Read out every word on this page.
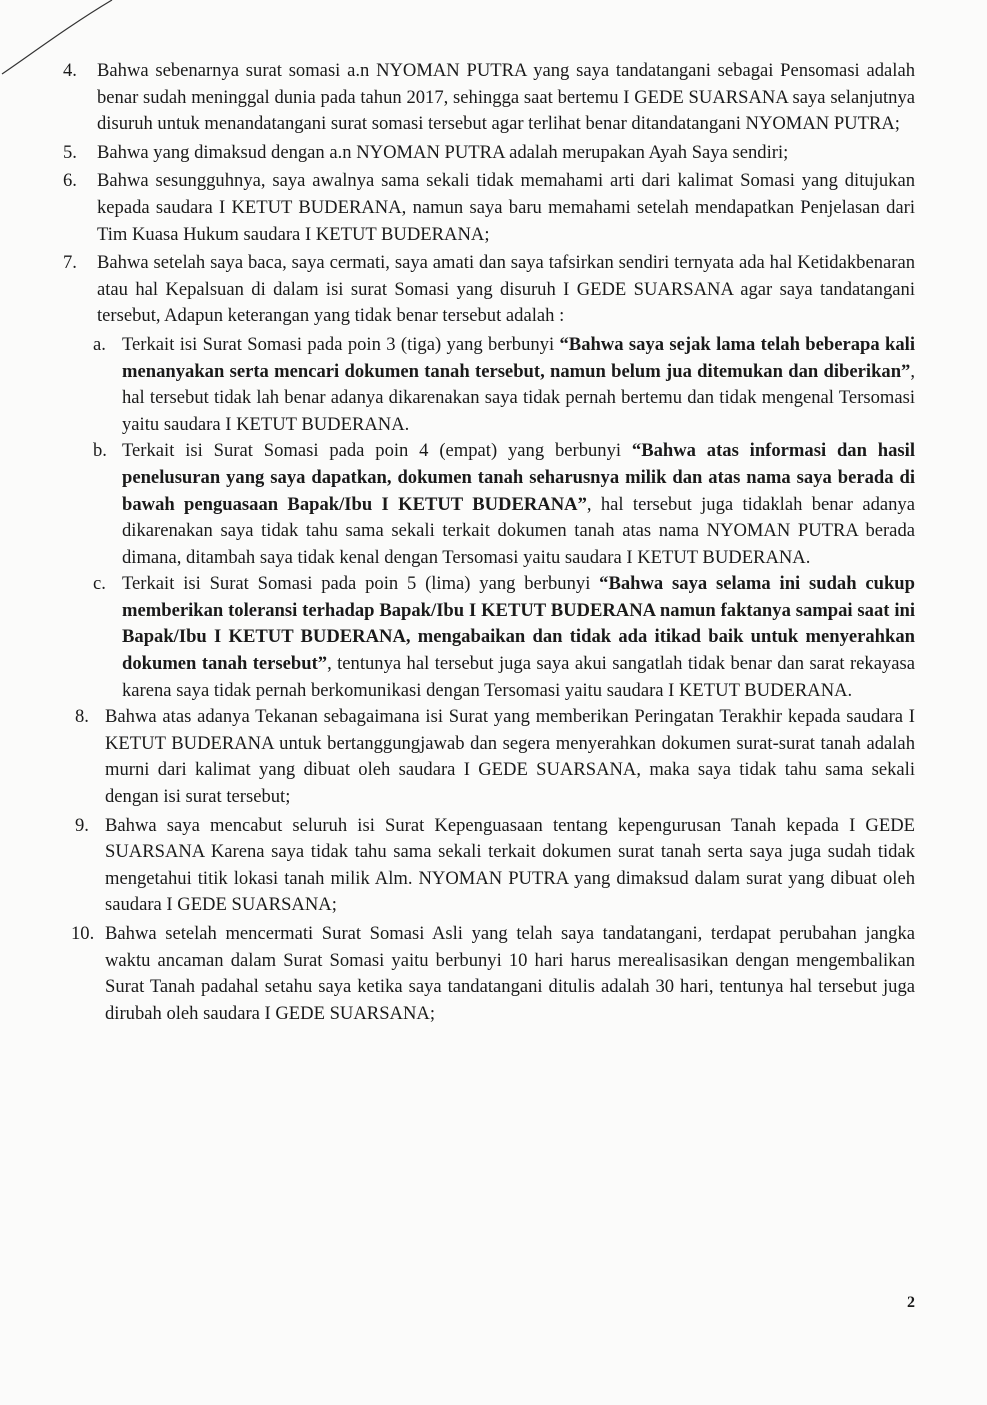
4. Bahwa sebenarnya surat somasi a.n NYOMAN PUTRA yang saya tandatangani sebagai Pensomasi adalah benar sudah meninggal dunia pada tahun 2017, sehingga saat bertemu I GEDE SUARSANA saya selanjutnya disuruh untuk menandatangani surat somasi tersebut agar terlihat benar ditandatangani NYOMAN PUTRA;
5. Bahwa yang dimaksud dengan a.n NYOMAN PUTRA adalah merupakan Ayah Saya sendiri;
6. Bahwa sesungguhnya, saya awalnya sama sekali tidak memahami arti dari kalimat Somasi yang ditujukan kepada saudara I KETUT BUDERANA, namun saya baru memahami setelah mendapatkan Penjelasan dari Tim Kuasa Hukum saudara I KETUT BUDERANA;
7. Bahwa setelah saya baca, saya cermati, saya amati dan saya tafsirkan sendiri ternyata ada hal Ketidakbenaran atau hal Kepalsuan di dalam isi surat Somasi yang disuruh I GEDE SUARSANA agar saya tandatangani tersebut, Adapun keterangan yang tidak benar tersebut adalah :
a. Terkait isi Surat Somasi pada poin 3 (tiga) yang berbunyi “Bahwa saya sejak lama telah beberapa kali menanyakan serta mencari dokumen tanah tersebut, namun belum jua ditemukan dan diberikan”, hal tersebut tidak lah benar adanya dikarenakan saya tidak pernah bertemu dan tidak mengenal Tersomasi yaitu saudara I KETUT BUDERANA.
b. Terkait isi Surat Somasi pada poin 4 (empat) yang berbunyi “Bahwa atas informasi dan hasil penelusuran yang saya dapatkan, dokumen tanah seharusnya milik dan atas nama saya berada di bawah penguasaan Bapak/Ibu I KETUT BUDERANA”, hal tersebut juga tidaklah benar adanya dikarenakan saya tidak tahu sama sekali terkait dokumen tanah atas nama NYOMAN PUTRA berada dimana, ditambah saya tidak kenal dengan Tersomasi yaitu saudara I KETUT BUDERANA.
c. Terkait isi Surat Somasi pada poin 5 (lima) yang berbunyi “Bahwa saya selama ini sudah cukup memberikan toleransi terhadap Bapak/Ibu I KETUT BUDERANA namun faktanya sampai saat ini Bapak/Ibu I KETUT BUDERANA, mengabaikan dan tidak ada itikad baik untuk menyerahkan dokumen tanah tersebut”, tentunya hal tersebut juga saya akui sangatlah tidak benar dan sarat rekayasa karena saya tidak pernah berkomunikasi dengan Tersomasi yaitu saudara I KETUT BUDERANA.
8. Bahwa atas adanya Tekanan sebagaimana isi Surat yang memberikan Peringatan Terakhir kepada saudara I KETUT BUDERANA untuk bertanggungjawab dan segera menyerahkan dokumen surat-surat tanah adalah murni dari kalimat yang dibuat oleh saudara I GEDE SUARSANA, maka saya tidak tahu sama sekali dengan isi surat tersebut;
9. Bahwa saya mencabut seluruh isi Surat Kepenguasaan tentang kepengurusan Tanah kepada I GEDE SUARSANA Karena saya tidak tahu sama sekali terkait dokumen surat tanah serta saya juga sudah tidak mengetahui titik lokasi tanah milik Alm. NYOMAN PUTRA yang dimaksud dalam surat yang dibuat oleh saudara I GEDE SUARSANA;
10. Bahwa setelah mencermati Surat Somasi Asli yang telah saya tandatangani, terdapat perubahan jangka waktu ancaman dalam Surat Somasi yaitu berbunyi 10 hari harus merealisasikan dengan mengembalikan Surat Tanah padahal setahu saya ketika saya tandatangani ditulis adalah 30 hari, tentunya hal tersebut juga dirubah oleh saudara I GEDE SUARSANA;
2
